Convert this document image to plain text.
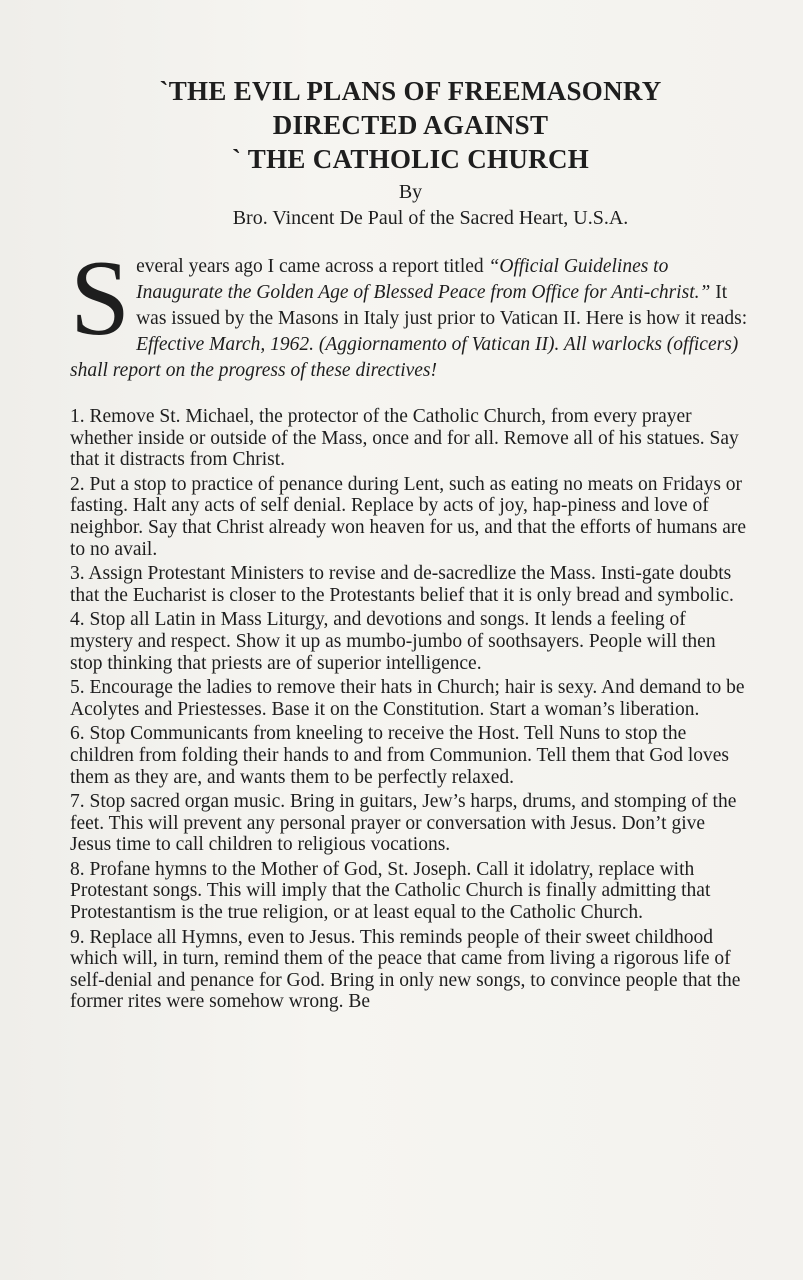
`THE EVIL PLANS OF FREEMASONRY
DIRECTED AGAINST
` THE CATHOLIC CHURCH
By
Bro. Vincent De Paul of the Sacred Heart, U.S.A.
S everal years ago I came across a report titled “Official Guidelines to Inaugurate the Golden Age of Blessed Peace from Office for Anti-christ.” It was issued by the Masons in Italy just prior to Vatican II. Here is how it reads: Effective March, 1962. (Aggiornamento of Vatican II). All warlocks (officers) shall report on the progress of these directives!

1. Remove St. Michael, the protector of the Catholic Church, from every prayer whether inside or outside of the Mass, once and for all. Remove all of his statues. Say that it distracts from Christ.

2. Put a stop to practice of penance during Lent, such as eating no meats on Fridays or fasting. Halt any acts of self denial. Replace by acts of joy, hap-piness and love of neighbor. Say that Christ already won heaven for us, and that the efforts of humans are to no avail.

3. Assign Protestant Ministers to revise and de-sacredlize the Mass. Insti-gate doubts that the Eucharist is closer to the Protestants belief that it is only bread and symbolic.

4. Stop all Latin in Mass Liturgy, and devotions and songs. It lends a feeling of mystery and respect. Show it up as mumbo-jumbo of soothsayers. People will then stop thinking that priests are of superior intelligence.

5. Encourage the ladies to remove their hats in Church; hair is sexy. And demand to be Acolytes and Priestesses. Base it on the Constitution. Start a woman’s liberation.

6. Stop Communicants from kneeling to receive the Host. Tell Nuns to stop the children from folding their hands to and from Communion. Tell them that God loves them as they are, and wants them to be perfectly relaxed.

7. Stop sacred organ music. Bring in guitars, Jew’s harps, drums, and stomping of the feet. This will prevent any personal prayer or conversation with Jesus. Don’t give Jesus time to call children to religious vocations.

8. Profane hymns to the Mother of God, St. Joseph. Call it idolatry, replace with Protestant songs. This will imply that the Catholic Church is finally admitting that Protestantism is the true religion, or at least equal to the Catholic Church.

9. Replace all Hymns, even to Jesus. This reminds people of their sweet childhood which will, in turn, remind them of the peace that came from living a rigorous life of self-denial and penance for God. Bring in only new songs, to convince people that the former rites were somehow wrong. Be
